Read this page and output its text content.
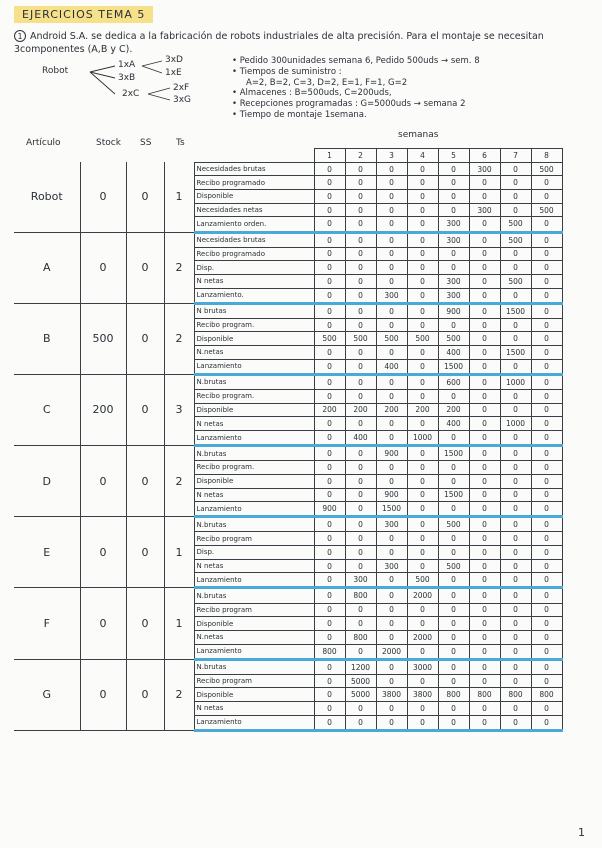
EJERCICIOS TEMA 5
1 Android S.A. se dedica a la fabricación de robots industriales de alta precisión. Para el montaje se necesitan 3componentes (A,B y C).
Robot
1xA
3xB
2xC
3xD
1xE
2xF
3xG
• Pedido 300unidades semana 6, Pedido 500uds → sem. 8
• Tiempos de suministro :
A=2, B=2, C=3, D=2, E=1, F=1, G=2
• Almacenes : B=500uds, C=200uds,
• Recepciones programadas : G=5000uds → semana 2
• Tiempo de montaje 1semana.
semanas
Artículo	Stock SS	Ts
					1	2	3	4	5	6	7	8
Robot	0	0	1	Necesidades brutas	0	0	0	0	0	300	0	500
				Recibo programado	0	0	0	0	0	0	0	0
				Disponible	0	0	0	0	0	0	0	0
				Necesidades netas	0	0	0	0	0	300	0	500
				Lanzamiento orden.	0	0	0	0	300	0	500	0
A	0	0	2	Necesidades brutas	0	0	0	0	300	0	500	0
				Recibo programado	0	0	0	0	0	0	0	0
				Disp.	0	0	0	0	0	0	0	0
				N netas	0	0	0	0	300	0	500	0
				Lanzamiento.	0	0	300	0	300	0	0	0
B	500	0	2	N brutas	0	0	0	0	900	0	1500	0
				Recibo program.	0	0	0	0	0	0	0	0
				Disponible	500	500	500	500	500	0	0	0
				N.netas	0	0	0	0	400	0	1500	0
				Lanzamiento	0	0	400	0	1500	0	0	0
C	200	0	3	N.brutas	0	0	0	0	600	0	1000	0
				Recibo program.	0	0	0	0	0	0	0	0
				Disponible	200	200	200	200	200	0	0	0
				N netas	0	0	0	0	400	0	1000	0
				Lanzamiento	0	400	0	1000	0	0	0	0
D	0	0	2	N.brutas	0	0	900	0	1500	0	0	0
				Recibo program.	0	0	0	0	0	0	0	0
				Disponible	0	0	0	0	0	0	0	0
				N netas	0	0	900	0	1500	0	0	0
				Lanzamiento	900	0	1500	0	0	0	0	0
E	0	0	1	N.brutas	0	0	300	0	500	0	0	0
				Recibo program	0	0	0	0	0	0	0	0
				Disp.	0	0	0	0	0	0	0	0
				N netas	0	0	300	0	500	0	0	0
				Lanzamiento	0	300	0	500	0	0	0	0
F	0	0	1	N.brutas	0	800	0	2000	0	0	0	0
				Recibo program	0	0	0	0	0	0	0	0
				Disponible	0	0	0	0	0	0	0	0
				N.netas	0	800	0	2000	0	0	0	0
				Lanzamiento	800	0	2000	0	0	0	0	0
G	0	0	2	N.brutas	0	1200	0	3000	0	0	0	0
				Recibo program	0	5000	0	0	0	0	0	0
				Disponible	0	5000	3800	3800	800	800	800	800
				N netas	0	0	0	0	0	0	0	0
				Lanzamiento	0	0	0	0	0	0	0	0
1
